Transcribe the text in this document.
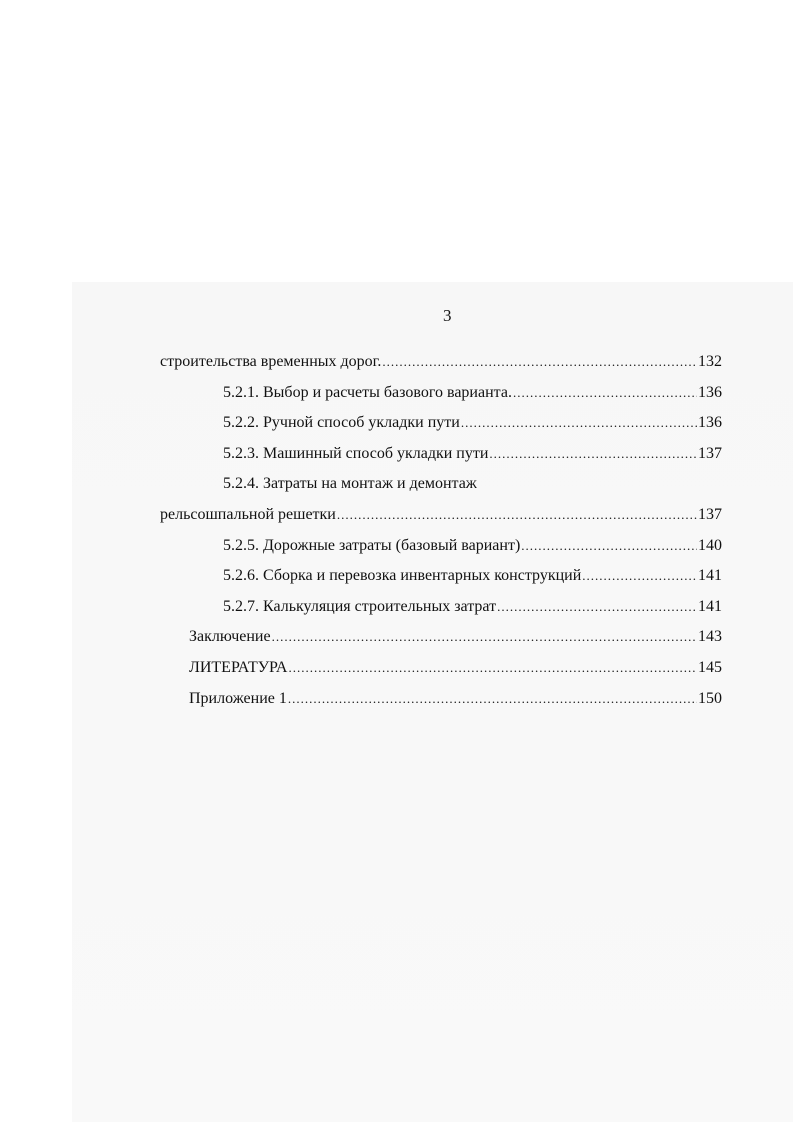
3
строительства временных дорог. .....	132
5.2.1. Выбор и расчеты базового варианта. .....	136
5.2.2. Ручной способ укладки пути .....	136
5.2.3. Машинный способ укладки пути .....	137
5.2.4. Затраты на монтаж и демонтаж
рельсошпальной решетки .....	137
5.2.5. Дорожные затраты (базовый вариант) .....	140
5.2.6. Сборка и перевозка инвентарных конструкций .....	141
5.2.7. Калькуляция строительных затрат .....	141
Заключение .....	143
ЛИТЕРАТУРА .....	145
Приложение 1 .....	150
